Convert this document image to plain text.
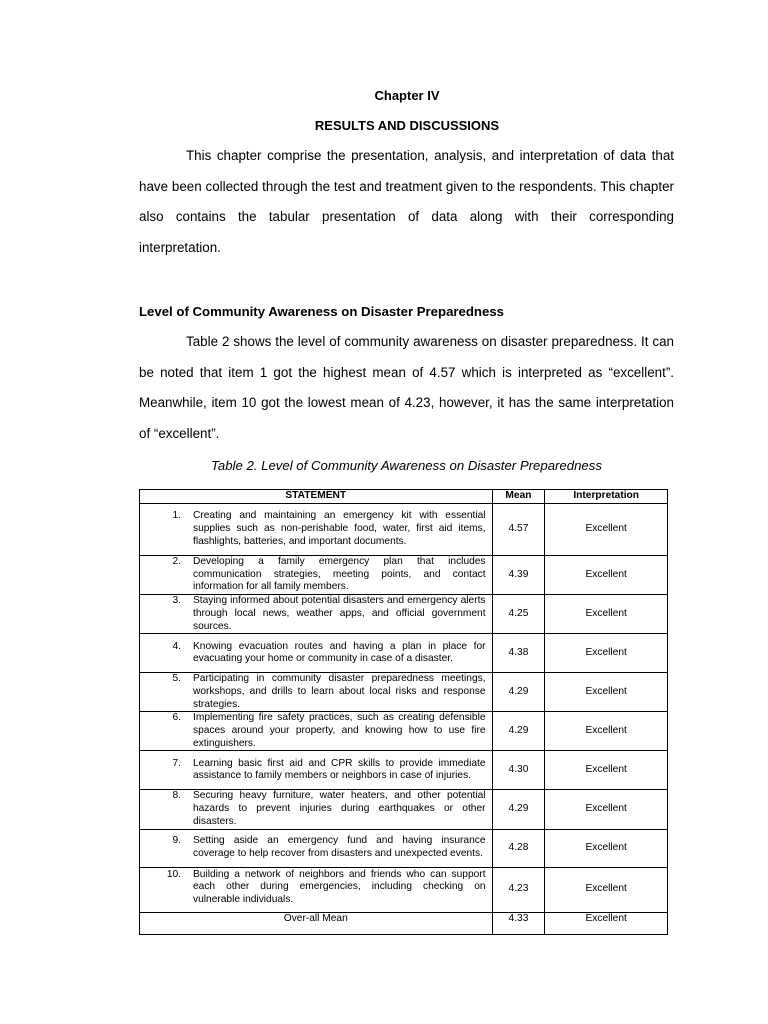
Chapter IV
RESULTS AND DISCUSSIONS

This chapter comprise the presentation, analysis, and interpretation of data that have been collected through the test and treatment given to the respondents. This chapter also contains the tabular presentation of data along with their corresponding interpretation.

Level of Community Awareness on Disaster Preparedness

Table 2 shows the level of community awareness on disaster preparedness. It can be noted that item 1 got the highest mean of 4.57 which is interpreted as “excellent”. Meanwhile, item 10 got the lowest mean of 4.23, however, it has the same interpretation of “excellent”.

Table 2. Level of Community Awareness on Disaster Preparedness
STATEMENT	Mean	Interpretation

1. Creating and maintaining an emergency kit with essential supplies such as non-perishable food, water, first aid items, flashlights, batteries, and important documents.	4.57	Excellent

2. Developing a family emergency plan that includes communication strategies, meeting points, and contact information for all family members.	4.39	Excellent

3. Staying informed about potential disasters and emergency alerts through local news, weather apps, and official government sources.	4.25	Excellent

4. Knowing evacuation routes and having a plan in place for evacuating your home or community in case of a disaster.	4.38	Excellent

5. Participating in community disaster preparedness meetings, workshops, and drills to learn about local risks and response strategies.	4.29	Excellent

6. Implementing fire safety practices, such as creating defensible spaces around your property, and knowing how to use fire extinguishers.	4.29	Excellent

7. Learning basic first aid and CPR skills to provide immediate assistance to family members or neighbors in case of injuries.	4.30	Excellent

8. Securing heavy furniture, water heaters, and other potential hazards to prevent injuries during earthquakes or other disasters.	4.29	Excellent

9. Setting aside an emergency fund and having insurance coverage to help recover from disasters and unexpected events.	4.28	Excellent

10. Building a network of neighbors and friends who can support each other during emergencies, including checking on vulnerable individuals.	4.23	Excellent
Over-all Mean	4.33	Excellent
